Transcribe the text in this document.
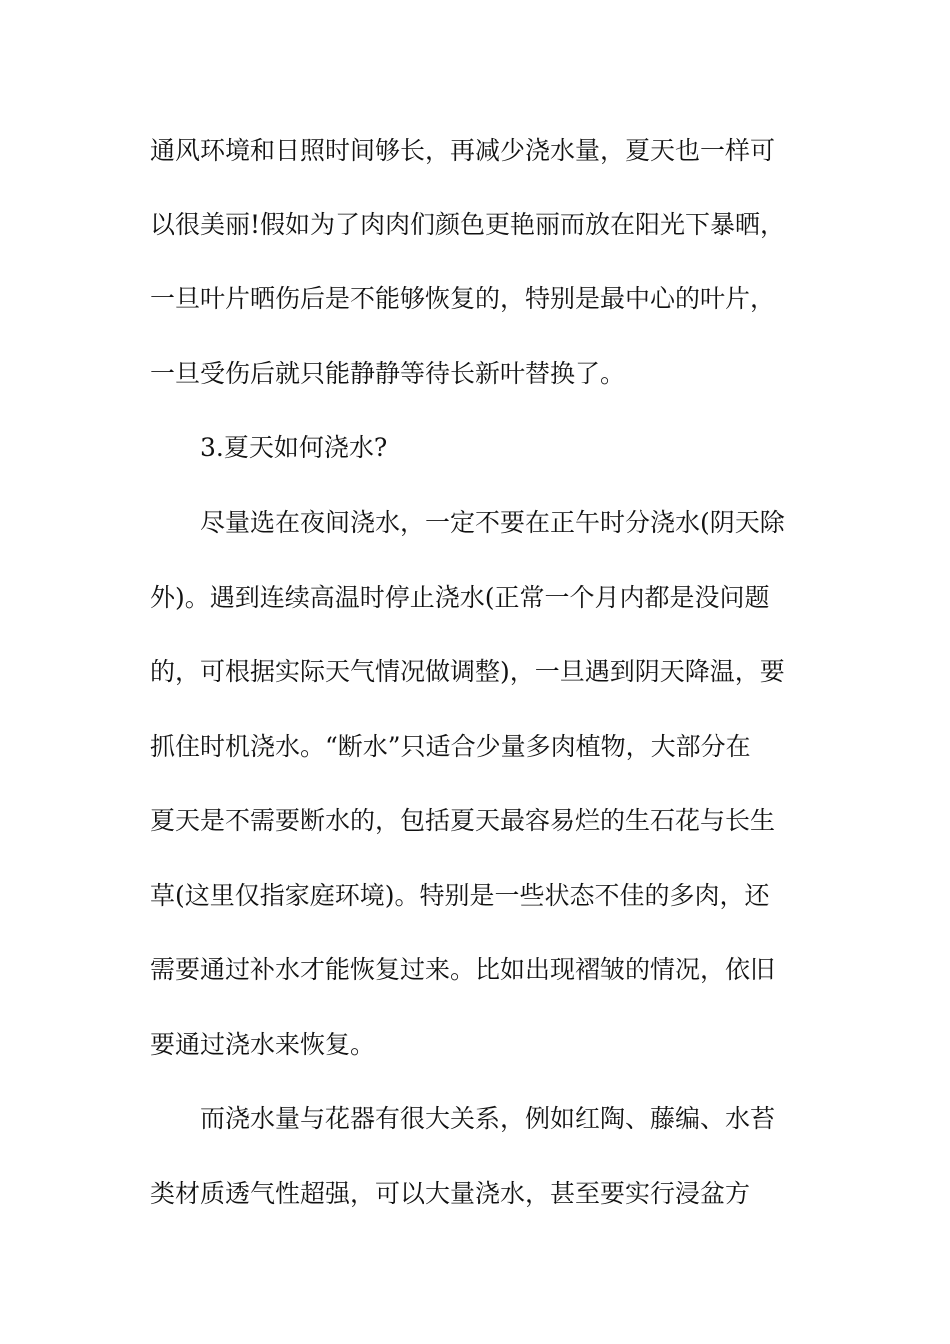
通风环境和日照时间够长，再减少浇水量，夏天也一样可

以很美丽!假如为了肉肉们颜色更艳丽而放在阳光下暴晒，

一旦叶片晒伤后是不能够恢复的，特别是最中心的叶片，

一旦受伤后就只能静静等待长新叶替换了。

3.夏天如何浇水?

尽量选在夜间浇水，一定不要在正午时分浇水(阴天除

外)。遇到连续高温时停止浇水(正常一个月内都是没问题

的，可根据实际天气情况做调整)，一旦遇到阴天降温，要

抓住时机浇水。“断水”只适合少量多肉植物，大部分在

夏天是不需要断水的，包括夏天最容易烂的生石花与长生

草(这里仅指家庭环境)。特别是一些状态不佳的多肉，还

需要通过补水才能恢复过来。比如出现褶皱的情况，依旧

要通过浇水来恢复。

而浇水量与花器有很大关系，例如红陶、藤编、水苔

类材质透气性超强，可以大量浇水，甚至要实行浸盆方
